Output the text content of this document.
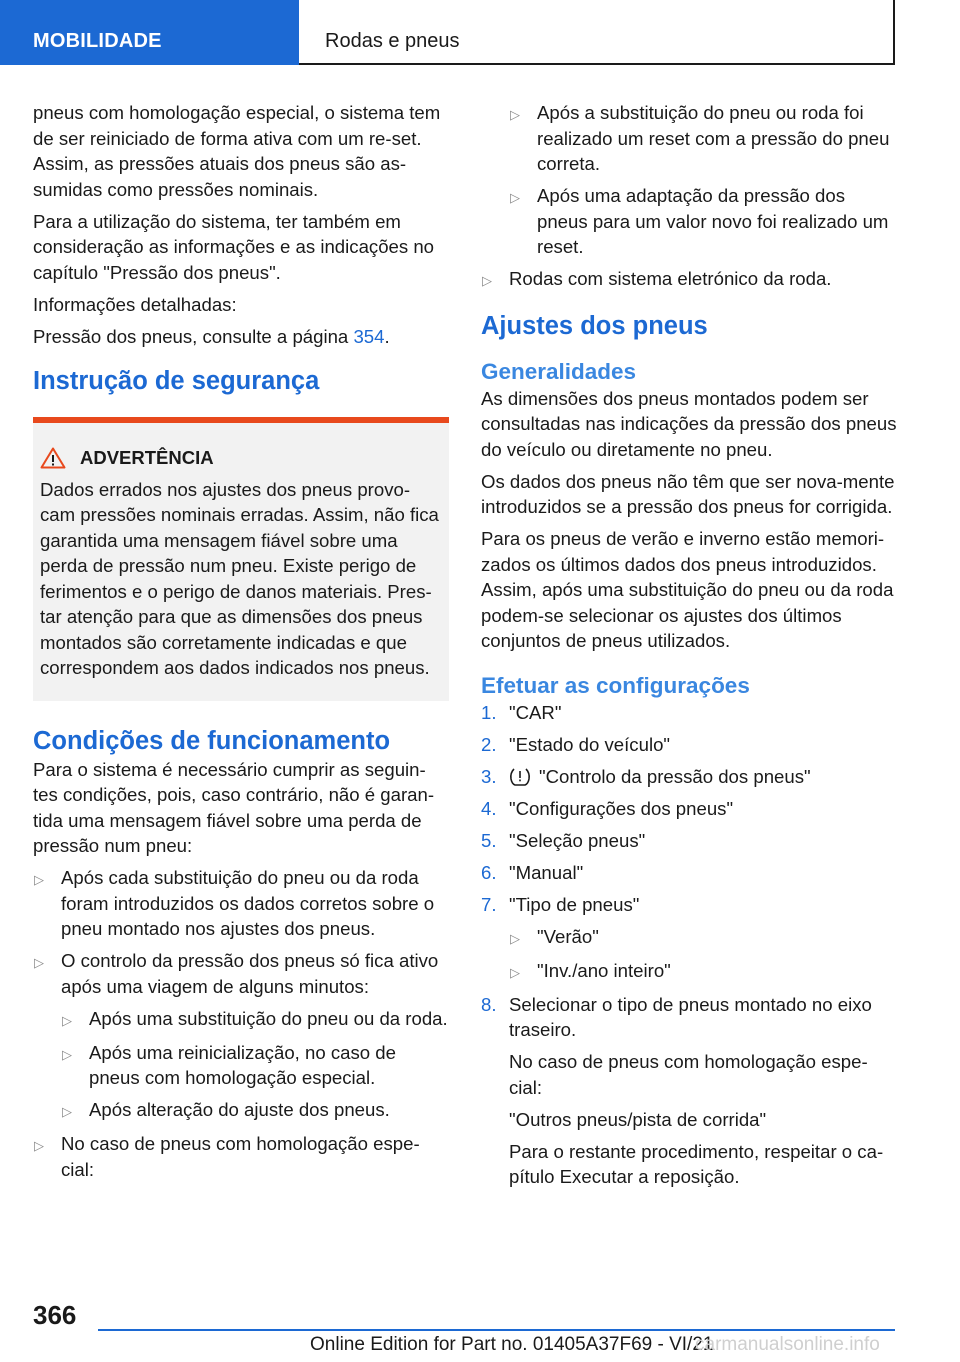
MOBILIDADE	Rodas e pneus

pneus com homologação especial, o sistema tem de ser reiniciado de forma ativa com um re-set. Assim, as pressões atuais dos pneus são as-sumidas como pressões nominais.

Para a utilização do sistema, ter também em consideração as informações e as indicações no capítulo "Pressão dos pneus".

Informações detalhadas:

Pressão dos pneus, consulte a página 354.

Instrução de segurança
ADVERTÊNCIA

Dados errados nos ajustes dos pneus provo-cam pressões nominais erradas. Assim, não fica garantida uma mensagem fiável sobre uma perda de pressão num pneu. Existe perigo de ferimentos e o perigo de danos materiais. Pres-tar atenção para que as dimensões dos pneus montados são corretamente indicadas e que correspondem aos dados indicados nos pneus.

Condições de funcionamento

Para o sistema é necessário cumprir as seguin-tes condições, pois, caso contrário, não é garan-tida uma mensagem fiável sobre uma perda de pressão num pneu:

▷ Após cada substituição do pneu ou da roda foram introduzidos os dados corretos sobre o pneu montado nos ajustes dos pneus.
▷ O controlo da pressão dos pneus só fica ativo após uma viagem de alguns minutos:
▷ Após uma substituição do pneu ou da roda.
▷ Após uma reinicialização, no caso de pneus com homologação especial.
▷ Após alteração do ajuste dos pneus.
▷ No caso de pneus com homologação espe-cial:
▷ Após a substituição do pneu ou roda foi realizado um reset com a pressão do pneu correta.
▷ Após uma adaptação da pressão dos pneus para um valor novo foi realizado um reset.
▷ Rodas com sistema eletrónico da roda.
Ajustes dos pneus
Generalidades

As dimensões dos pneus montados podem ser consultadas nas indicações da pressão dos pneus do veículo ou diretamente no pneu.

Os dados dos pneus não têm que ser nova-mente introduzidos se a pressão dos pneus for corrigida.

Para os pneus de verão e inverno estão memori-zados os últimos dados dos pneus introduzidos. Assim, após uma substituição do pneu ou da roda podem-se selecionar os ajustes dos últimos conjuntos de pneus utilizados.

Efetuar as configurações
1. "CAR"
2. "Estado do veículo"
3.	"Controlo da pressão dos pneus"
4. "Configurações dos pneus"
5. "Seleção pneus"
6. "Manual"
7. "Tipo de pneus"
▷ "Verão"
▷ "Inv./ano inteiro"
8. Selecionar o tipo de pneus montado no eixo traseiro.

No caso de pneus com homologação espe-cial:

"Outros pneus/pista de corrida"

Para o restante procedimento, respeitar o ca-pítulo Executar a reposição.

366
Online Edition for Part no. 01405A37F69 - VI/21
carmanualsonline.info
